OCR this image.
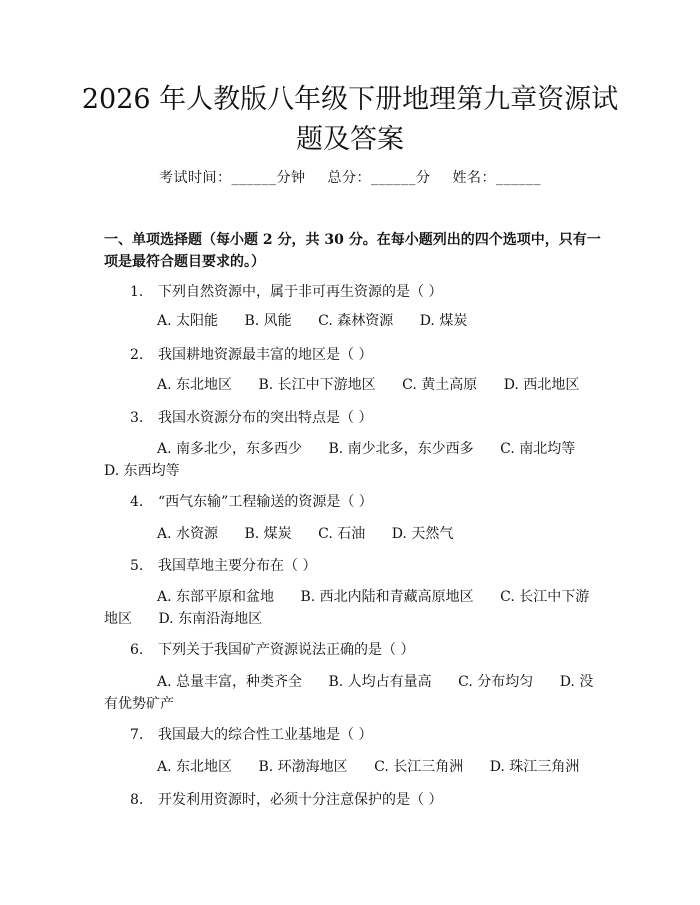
2026 年人教版八年级下册地理第九章资源试
题及答案
考试时间：______分钟 总分：______分 姓名：______
一、单项选择题（每小题 2 分，共 30 分。在每小题列出的四个选项中，只有一项是最符合题目要求的。）
1. 下列自然资源中，属于非可再生资源的是（ ）
A. 太阳能 B. 风能 C. 森林资源 D. 煤炭
2. 我国耕地资源最丰富的地区是（ ）
A. 东北地区 B. 长江中下游地区 C. 黄土高原 D. 西北地区
3. 我国水资源分布的突出特点是（ ）
A. 南多北少，东多西少 B. 南少北多，东少西多 C. 南北均等 D. 东西均等
4. “西气东输”工程输送的资源是（ ）
A. 水资源 B. 煤炭 C. 石油 D. 天然气
5. 我国草地主要分布在（ ）
A. 东部平原和盆地 B. 西北内陆和青藏高原地区 C. 长江中下游地区 D. 东南沿海地区
6. 下列关于我国矿产资源说法正确的是（ ）
A. 总量丰富，种类齐全 B. 人均占有量高 C. 分布均匀 D. 没有优势矿产
7. 我国最大的综合性工业基地是（ ）
A. 东北地区 B. 环渤海地区 C. 长江三角洲 D. 珠江三角洲
8. 开发利用资源时，必须十分注意保护的是（ ）
